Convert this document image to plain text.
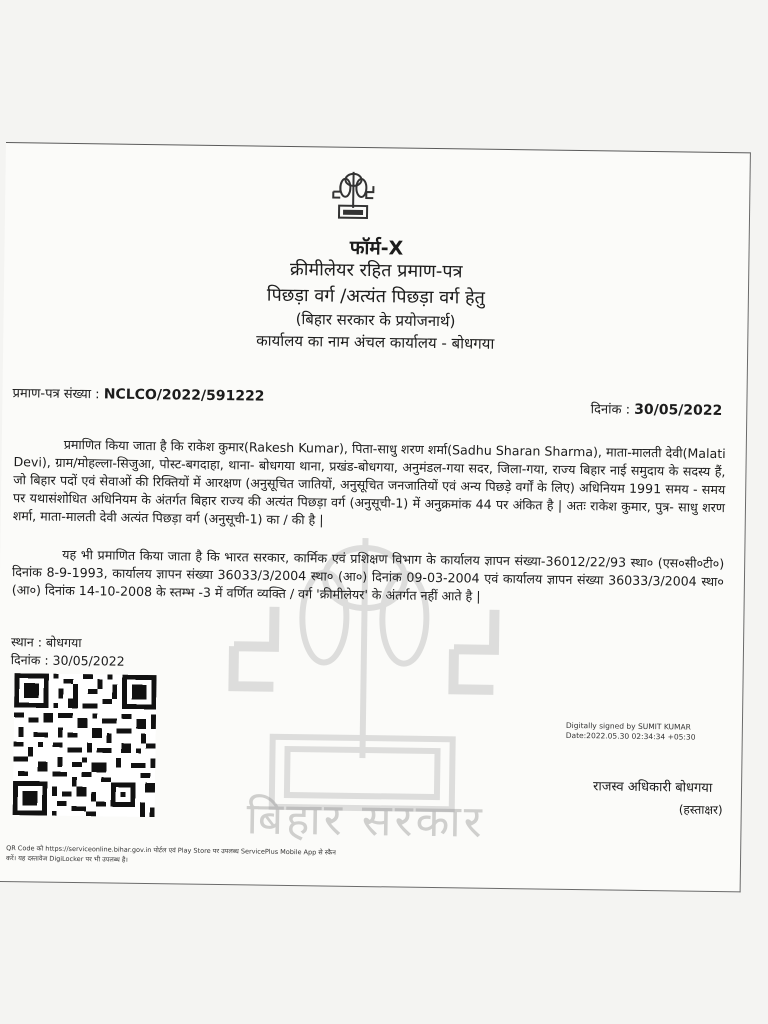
बिहार सरकार
फॉर्म-X
क्रीमीलेयर रहित प्रमाण-पत्र
पिछड़ा वर्ग /अत्यंत पिछड़ा वर्ग हेतु
(बिहार सरकार के प्रयोजनार्थ)
कार्यालय का नाम अंचल कार्यालय - बोधगया
प्रमाण-पत्र संख्या : NCLCO/2022/591222
दिनांक : 30/05/2022
प्रमाणित किया जाता है कि राकेश कुमार(Rakesh Kumar), पिता-साधु शरण शर्मा(Sadhu Sharan Sharma), माता-मालती देवी(Malati Devi), ग्राम/मोहल्ला-सिजुआ, पोस्ट-बगदाहा, थाना- बोधगया थाना, प्रखंड-बोधगया, अनुमंडल-गया सदर, जिला-गया, राज्य बिहार नाई समुदाय के सदस्य हैं, जो बिहार पदों एवं सेवाओं की रिक्तियों में आरक्षण (अनुसूचित जातियों, अनुसूचित जनजातियों एवं अन्य पिछड़े वर्गों के लिए) अधिनियम 1991 समय - समय पर यथासंशोधित अधिनियम के अंतर्गत बिहार राज्य की अत्यंत पिछड़ा वर्ग (अनुसूची-1) में अनुक्रमांक 44 पर अंकित है | अतः राकेश कुमार, पुत्र- साधु शरण शर्मा, माता-मालती देवी अत्यंत पिछड़ा वर्ग (अनुसूची-1) का / की है |
यह भी प्रमाणित किया जाता है कि भारत सरकार, कार्मिक एवं प्रशिक्षण विभाग के कार्यालय ज्ञापन संख्या-36012/22/93 स्था० (एस०सी०टी०) दिनांक 8-9-1993, कार्यालय ज्ञापन संख्या 36033/3/2004 स्था० (आ०) दिनांक 09-03-2004 एवं कार्यालय ज्ञापन संख्या 36033/3/2004 स्था० (आ०) दिनांक 14-10-2008 के स्तम्भ -3 में वर्णित व्यक्ति / वर्ग 'क्रीमीलेयर' के अंतर्गत नहीं आते है |
स्थान : बोधगया
दिनांक : 30/05/2022
Digitally signed by SUMIT KUMAR
Date:2022.05.30 02:34:34 +05:30
राजस्व अधिकारी बोधगया
(हस्ताक्षर)
QR Code को https://serviceonline.bihar.gov.in पोर्टल एवं Play Store पर उपलब्ध ServicePlus Mobile App से स्कैन
करें। यह दस्तावेज DigiLocker पर भी उपलब्ध है।
